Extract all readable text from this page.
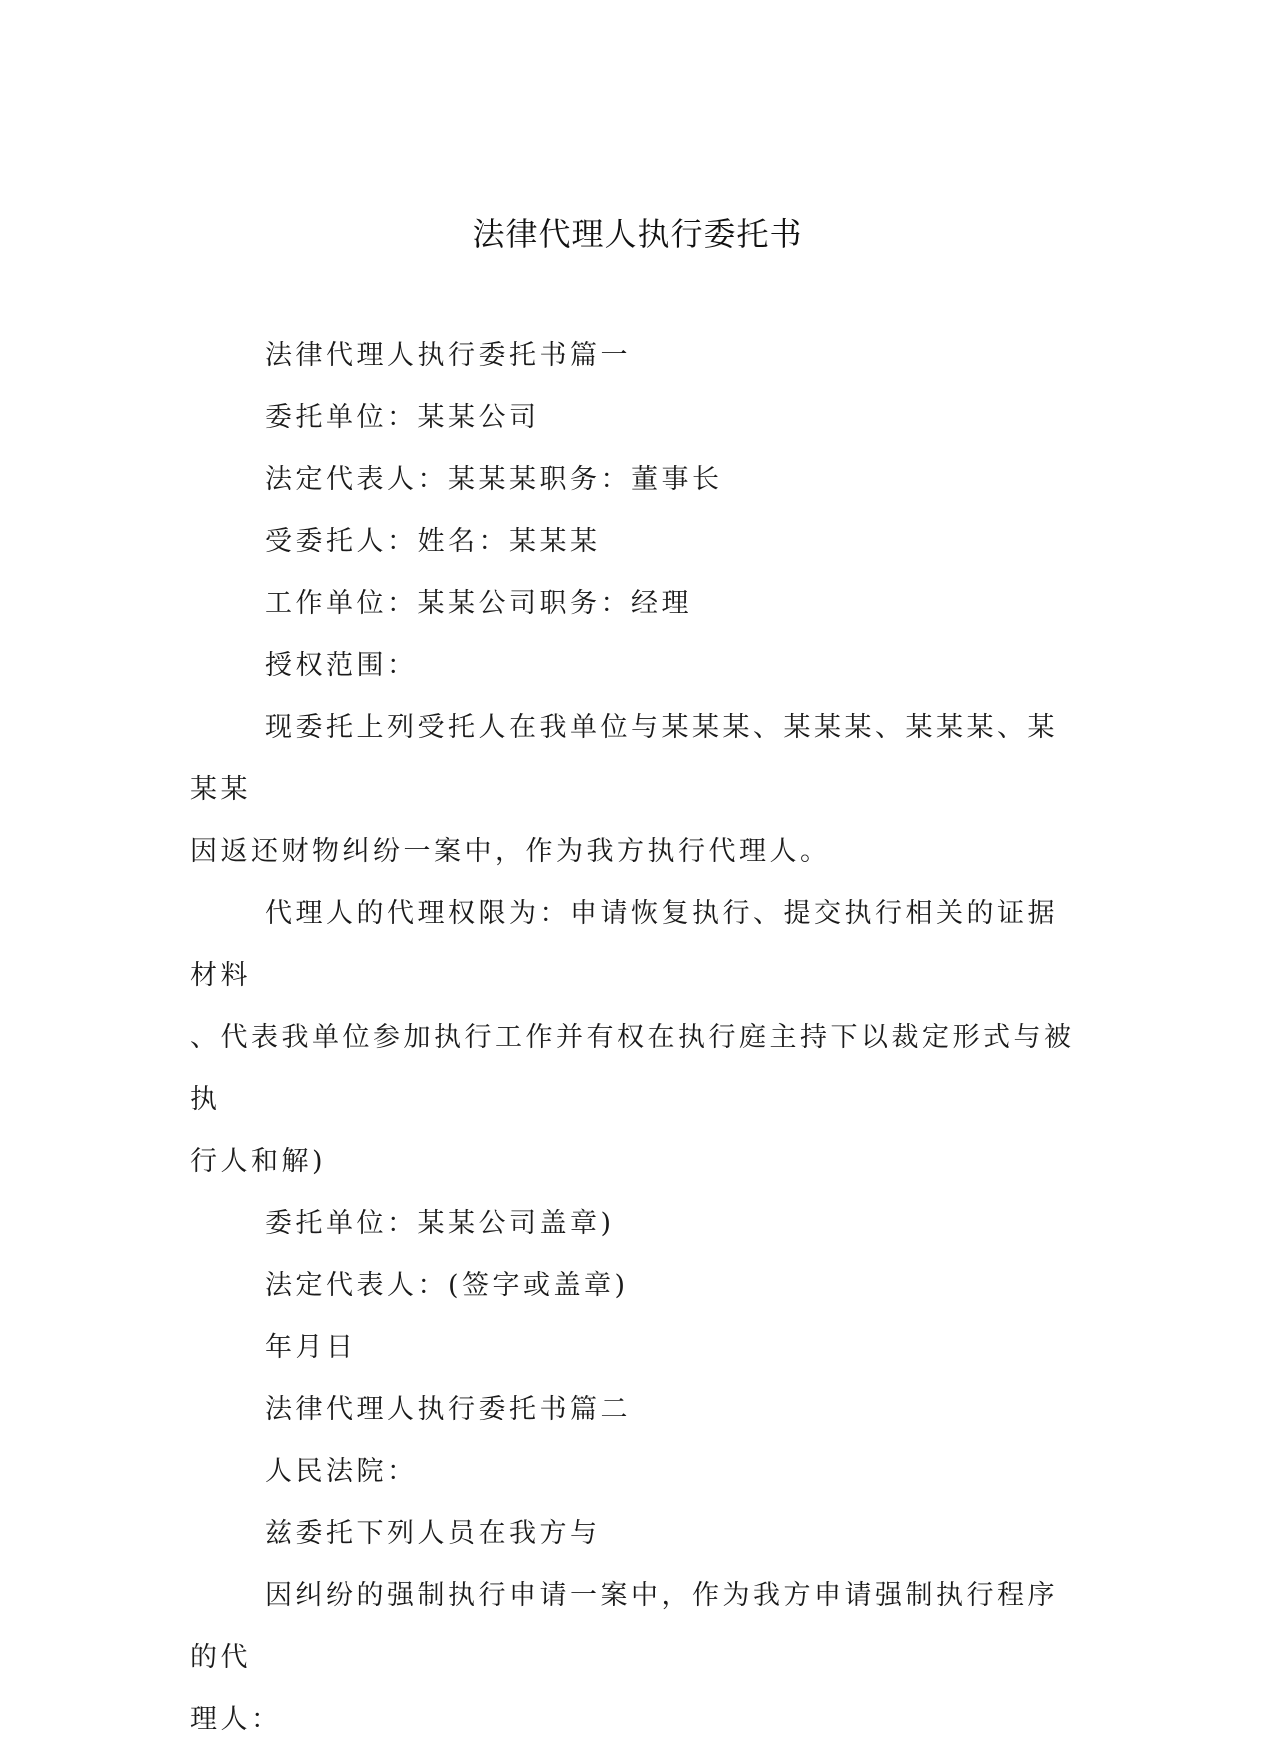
法律代理人执行委托书

法律代理人执行委托书篇一

委托单位：某某公司

法定代表人：某某某职务：董事长

受委托人：姓名：某某某

工作单位：某某公司职务：经理

授权范围：

现委托上列受托人在我单位与某某某、某某某、某某某、某某某
因返还财物纠纷一案中，作为我方执行代理人。

代理人的代理权限为：申请恢复执行、提交执行相关的证据材料
、代表我单位参加执行工作并有权在执行庭主持下以裁定形式与被执
行人和解)

委托单位：某某公司盖章)

法定代表人：(签字或盖章)

年月日

法律代理人执行委托书篇二

人民法院：

兹委托下列人员在我方与

因纠纷的强制执行申请一案中，作为我方申请强制执行程序的代
理人：
